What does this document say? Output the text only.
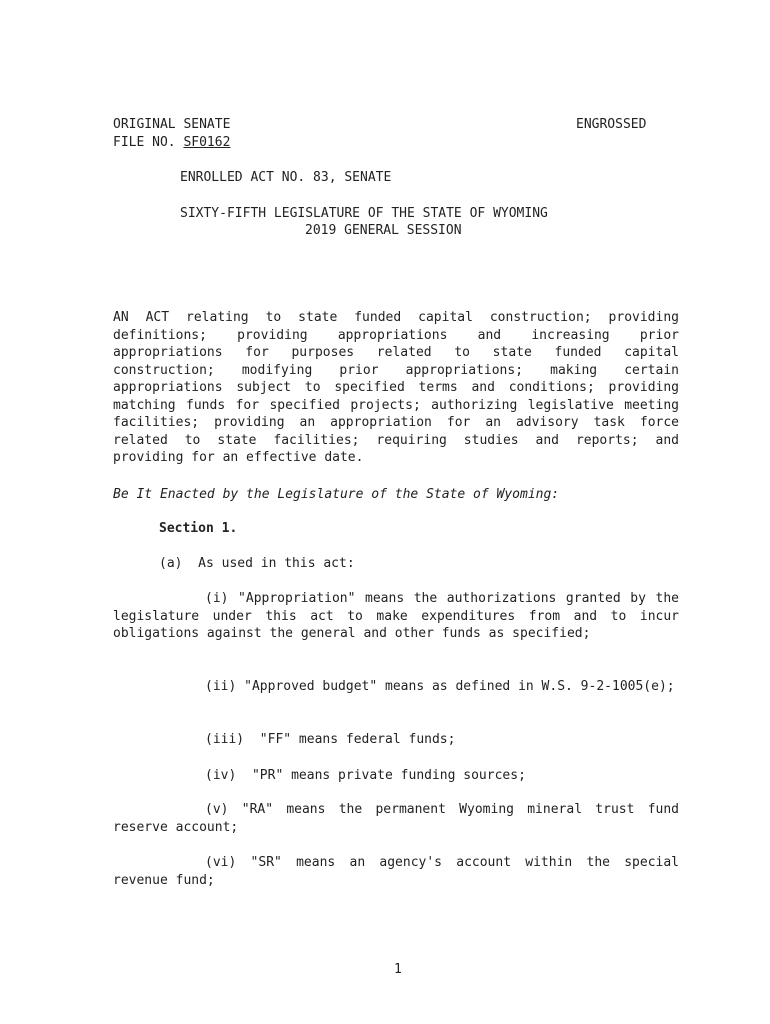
ORIGINAL SENATE	ENGROSSED
FILE NO. SF0162
ENROLLED ACT NO. 83, SENATE
SIXTY-FIFTH LEGISLATURE OF THE STATE OF WYOMING
2019 GENERAL SESSION
AN ACT relating to state funded capital construction; providing definitions; providing appropriations and increasing prior appropriations for purposes related to state funded capital construction; modifying prior appropriations; making certain appropriations subject to specified terms and conditions; providing matching funds for specified projects; authorizing legislative meeting facilities; providing an appropriation for an advisory task force related to state facilities; requiring studies and reports; and providing for an effective date.
Be It Enacted by the Legislature of the State of Wyoming:
Section 1.
(a)  As used in this act:
(i) "Appropriation" means the authorizations granted by the legislature under this act to make expenditures from and to incur obligations against the general and other funds as specified;
(ii) "Approved budget" means as defined in W.S. 9-2-1005(e);
(iii)  "FF" means federal funds;
(iv)  "PR" means private funding sources;
(v) "RA" means the permanent Wyoming mineral trust fund reserve account;
(vi) "SR" means an agency's account within the special revenue fund;
1
